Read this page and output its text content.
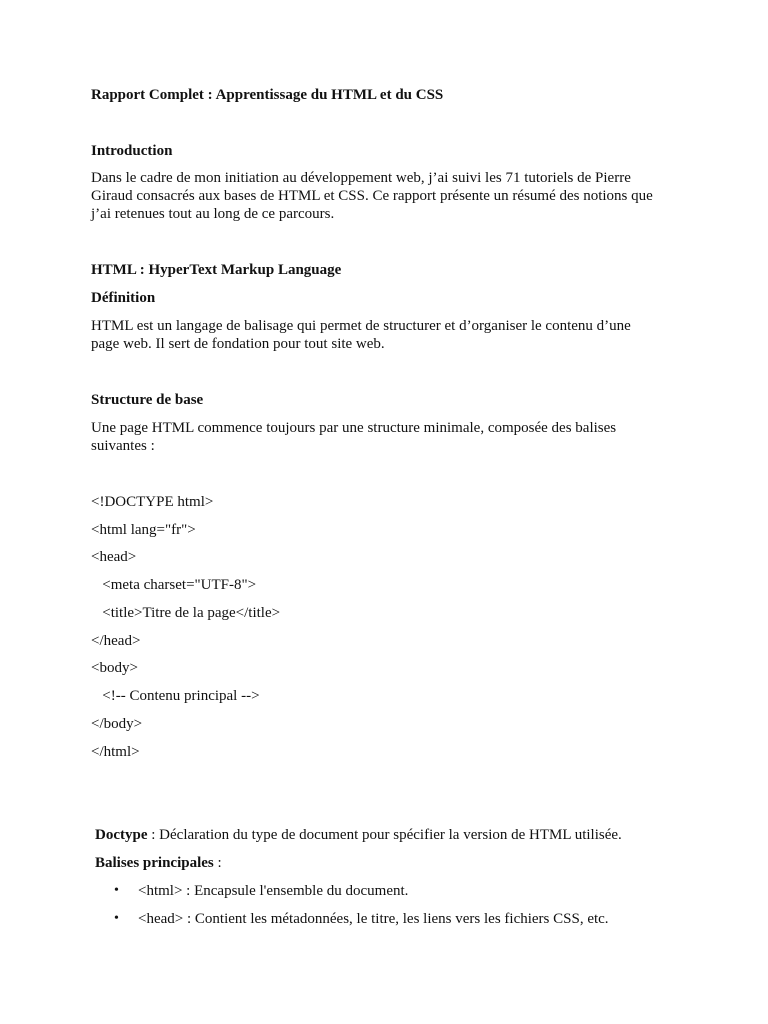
Rapport Complet : Apprentissage du HTML et du CSS
Introduction
Dans le cadre de mon initiation au développement web, j’ai suivi les 71 tutoriels de Pierre
Giraud consacrés aux bases de HTML et CSS. Ce rapport présente un résumé des notions que
j’ai retenues tout au long de ce parcours.
HTML : HyperText Markup Language
Définition
HTML est un langage de balisage qui permet de structurer et d’organiser le contenu d’une
page web. Il sert de fondation pour tout site web.
Structure de base
Une page HTML commence toujours par une structure minimale, composée des balises
suivantes :
<!DOCTYPE html>
<html lang="fr">
<head>
<meta charset="UTF-8">
<title>Titre de la page</title>
</head>
<body>
<!-- Contenu principal -->
</body>
</html>
Doctype : Déclaration du type de document pour spécifier la version de HTML utilisée.
Balises principales :
• <html> : Encapsule l'ensemble du document.
• <head> : Contient les métadonnées, le titre, les liens vers les fichiers CSS, etc.
